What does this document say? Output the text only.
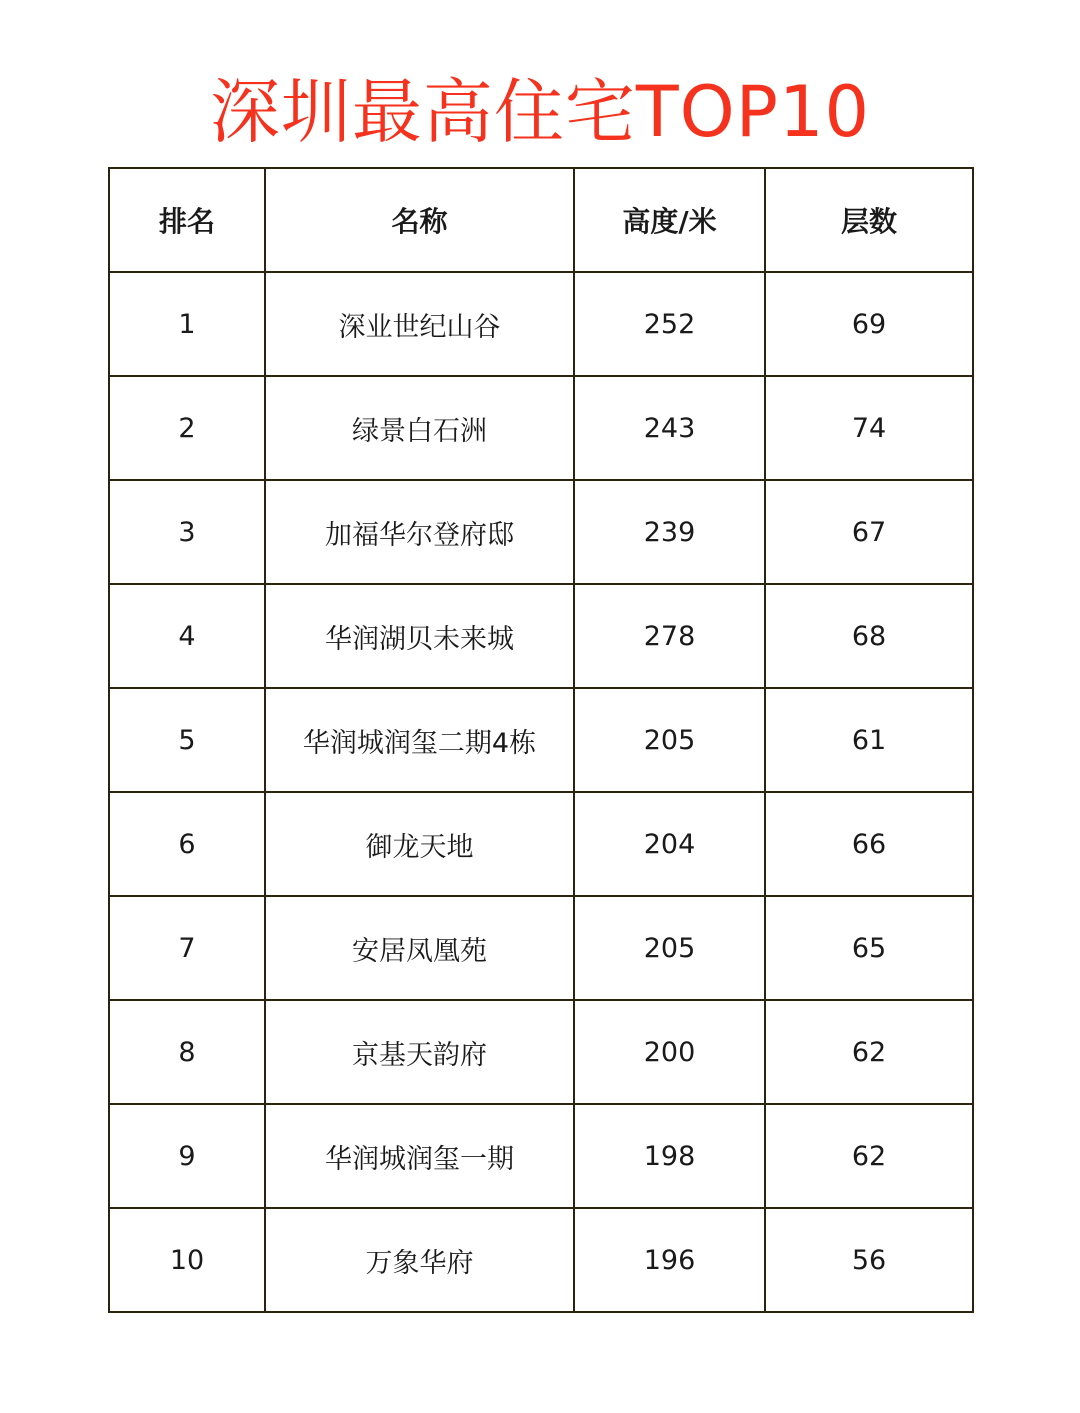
深圳最高住宅TOP10
排名	名称	高度/米	层数
1	深业世纪山谷	252	69
2	绿景白石洲	243	74
3	加福华尔登府邸	239	67
4	华润湖贝未来城	278	68
5	华润城润玺二期4栋	205	61
6	御龙天地	204	66
7	安居凤凰苑	205	65
8	京基天韵府	200	62
9	华润城润玺一期	198	62
10	万象华府	196	56
